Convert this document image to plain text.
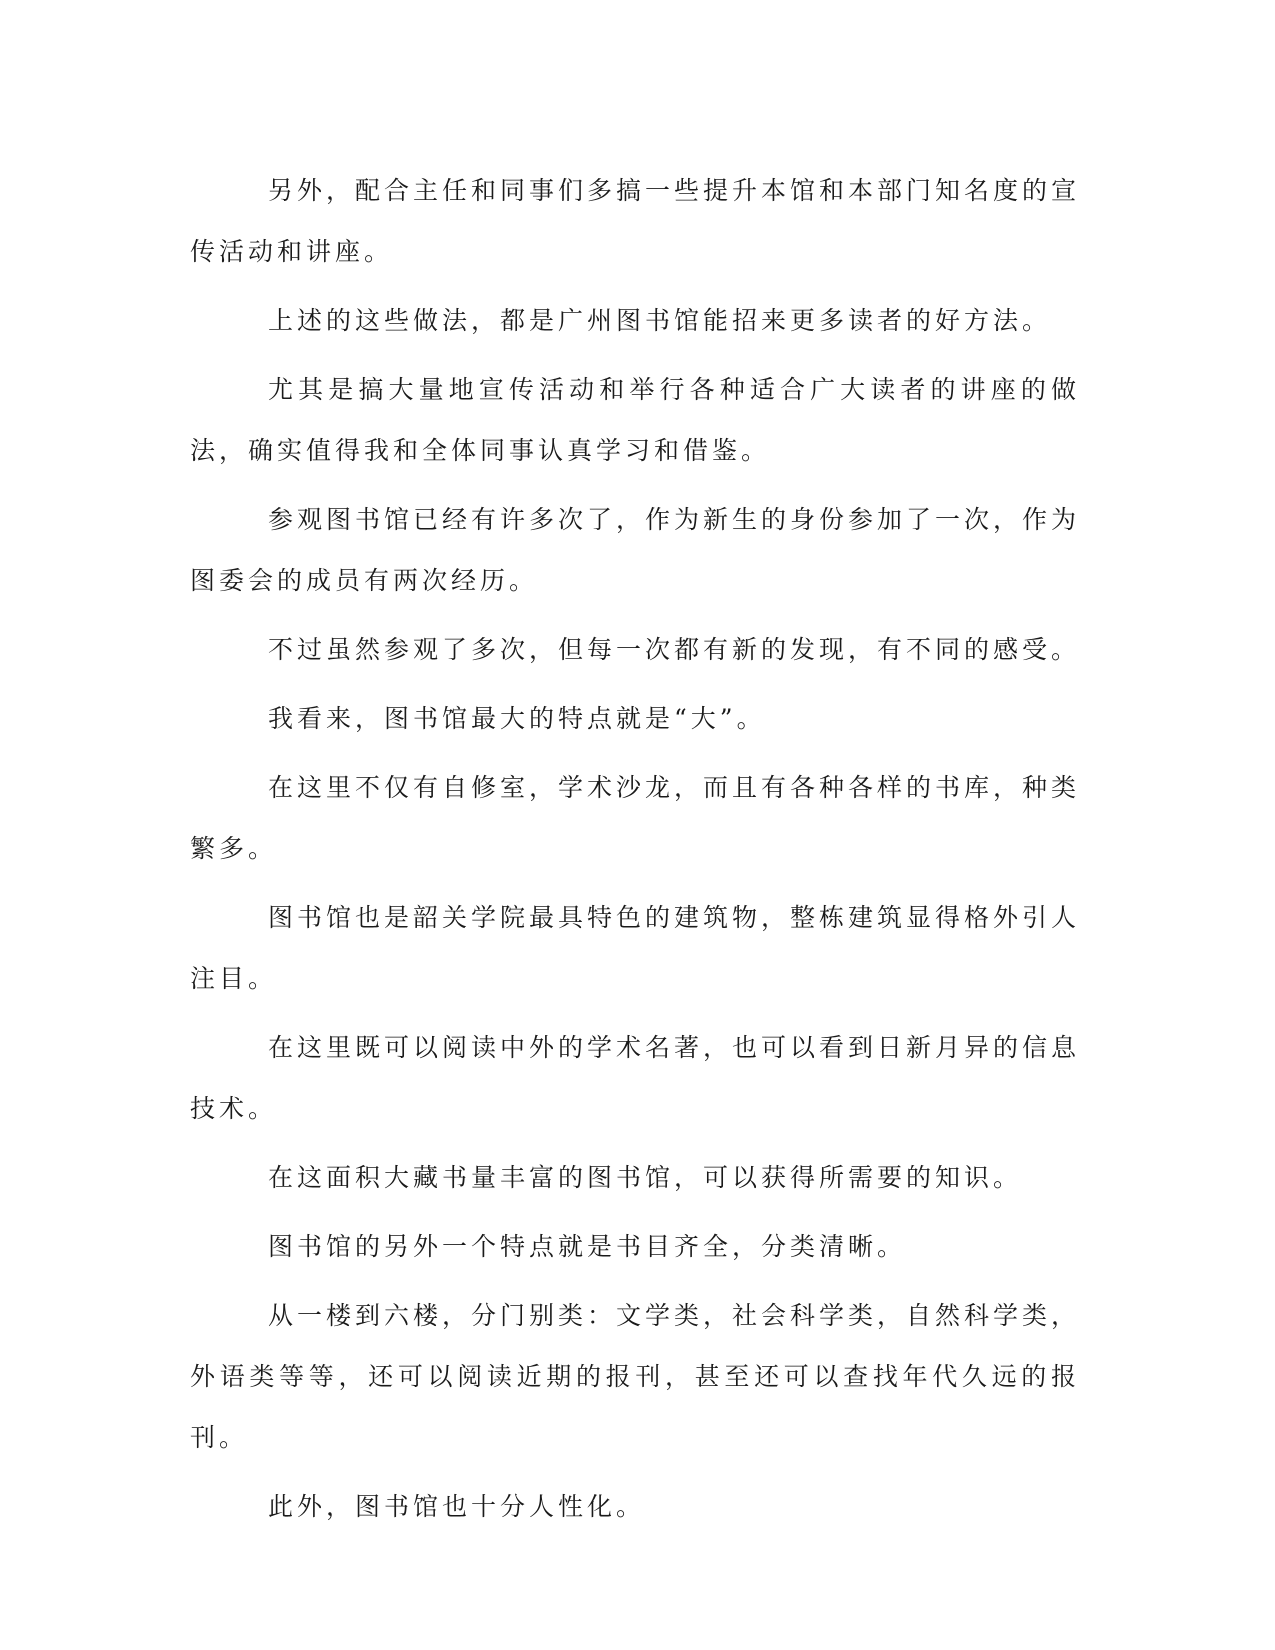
另外，配合主任和同事们多搞一些提升本馆和本部门知名度的宣传活动和讲座。

上述的这些做法，都是广州图书馆能招来更多读者的好方法。

尤其是搞大量地宣传活动和举行各种适合广大读者的讲座的做法，确实值得我和全体同事认真学习和借鉴。

参观图书馆已经有许多次了，作为新生的身份参加了一次，作为图委会的成员有两次经历。

不过虽然参观了多次，但每一次都有新的发现，有不同的感受。

我看来，图书馆最大的特点就是“大”。

在这里不仅有自修室，学术沙龙，而且有各种各样的书库，种类繁多。

图书馆也是韶关学院最具特色的建筑物，整栋建筑显得格外引人注目。

在这里既可以阅读中外的学术名著，也可以看到日新月异的信息技术。

在这面积大藏书量丰富的图书馆，可以获得所需要的知识。

图书馆的另外一个特点就是书目齐全，分类清晰。

从一楼到六楼，分门别类：文学类，社会科学类，自然科学类，外语类等等，还可以阅读近期的报刊，甚至还可以查找年代久远的报刊。

此外，图书馆也十分人性化。
